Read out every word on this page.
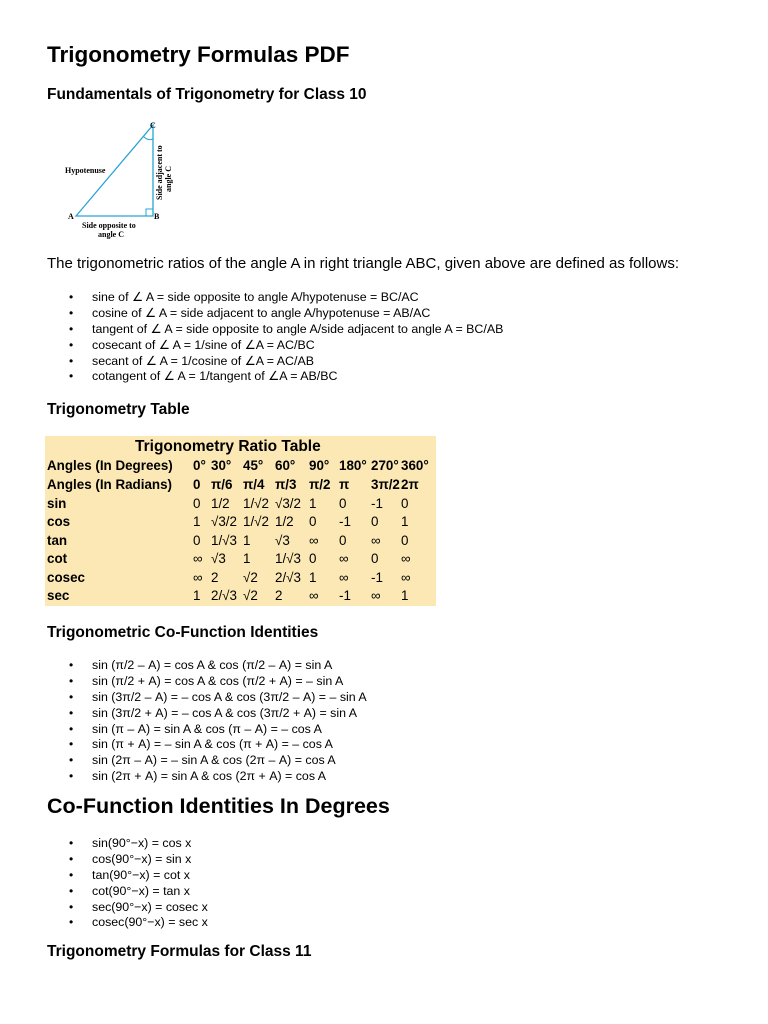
Trigonometry Formulas PDF
Fundamentals of Trigonometry for Class 10
C
A	B
Hypotenuse
Side opposite to
angle C
Side adjacent to angle C
The trigonometric ratios of the angle A in right triangle ABC, given above are defined as follows:
• sine of ∠ A = side opposite to angle A/hypotenuse = BC/AC
• cosine of ∠ A = side adjacent to angle A/hypotenuse = AB/AC
• tangent of ∠ A = side opposite to angle A/side adjacent to angle A = BC/AB
• cosecant of ∠ A = 1/sine of ∠A = AC/BC
• secant of ∠ A = 1/cosine of ∠A = AC/AB
• cotangent of ∠ A = 1/tangent of ∠A = AB/BC
Trigonometry Table
Trigonometry Ratio Table
Angles (In Degrees) 0° 30° 45° 60° 90° 180° 270° 360°
Angles (In Radians) 0 π/6 π/4 π/3 π/2 π 3π/2 2π
sin	0 1/2 1/√2 √3/2 1 0 -1 0
cos	1 √3/2 1/√2 1/2 0 -1 0 1
tan	0 1/√3 1 √3 ∞ 0 ∞ 0
cot	∞ √3 1 1/√3 0 ∞ 0 ∞
cosec	∞ 2 √2 2/√3 1 ∞ -1 ∞
sec	1 2/√3 √2 2 ∞ -1 ∞ 1
Trigonometric Co-Function Identities
• sin (π/2 – A) = cos A & cos (π/2 – A) = sin A
• sin (π/2 + A) = cos A & cos (π/2 + A) = – sin A
• sin (3π/2 – A) = – cos A & cos (3π/2 – A) = – sin A
• sin (3π/2 + A) = – cos A & cos (3π/2 + A) = sin A
• sin (π – A) = sin A & cos (π – A) = – cos A
• sin (π + A) = – sin A & cos (π + A) = – cos A
• sin (2π – A) = – sin A & cos (2π – A) = cos A
• sin (2π + A) = sin A & cos (2π + A) = cos A
Co-Function Identities In Degrees
• sin(90°−x) = cos x
• cos(90°−x) = sin x
• tan(90°−x) = cot x
• cot(90°−x) = tan x
• sec(90°−x) = cosec x
• cosec(90°−x) = sec x
Trigonometry Formulas for Class 11
